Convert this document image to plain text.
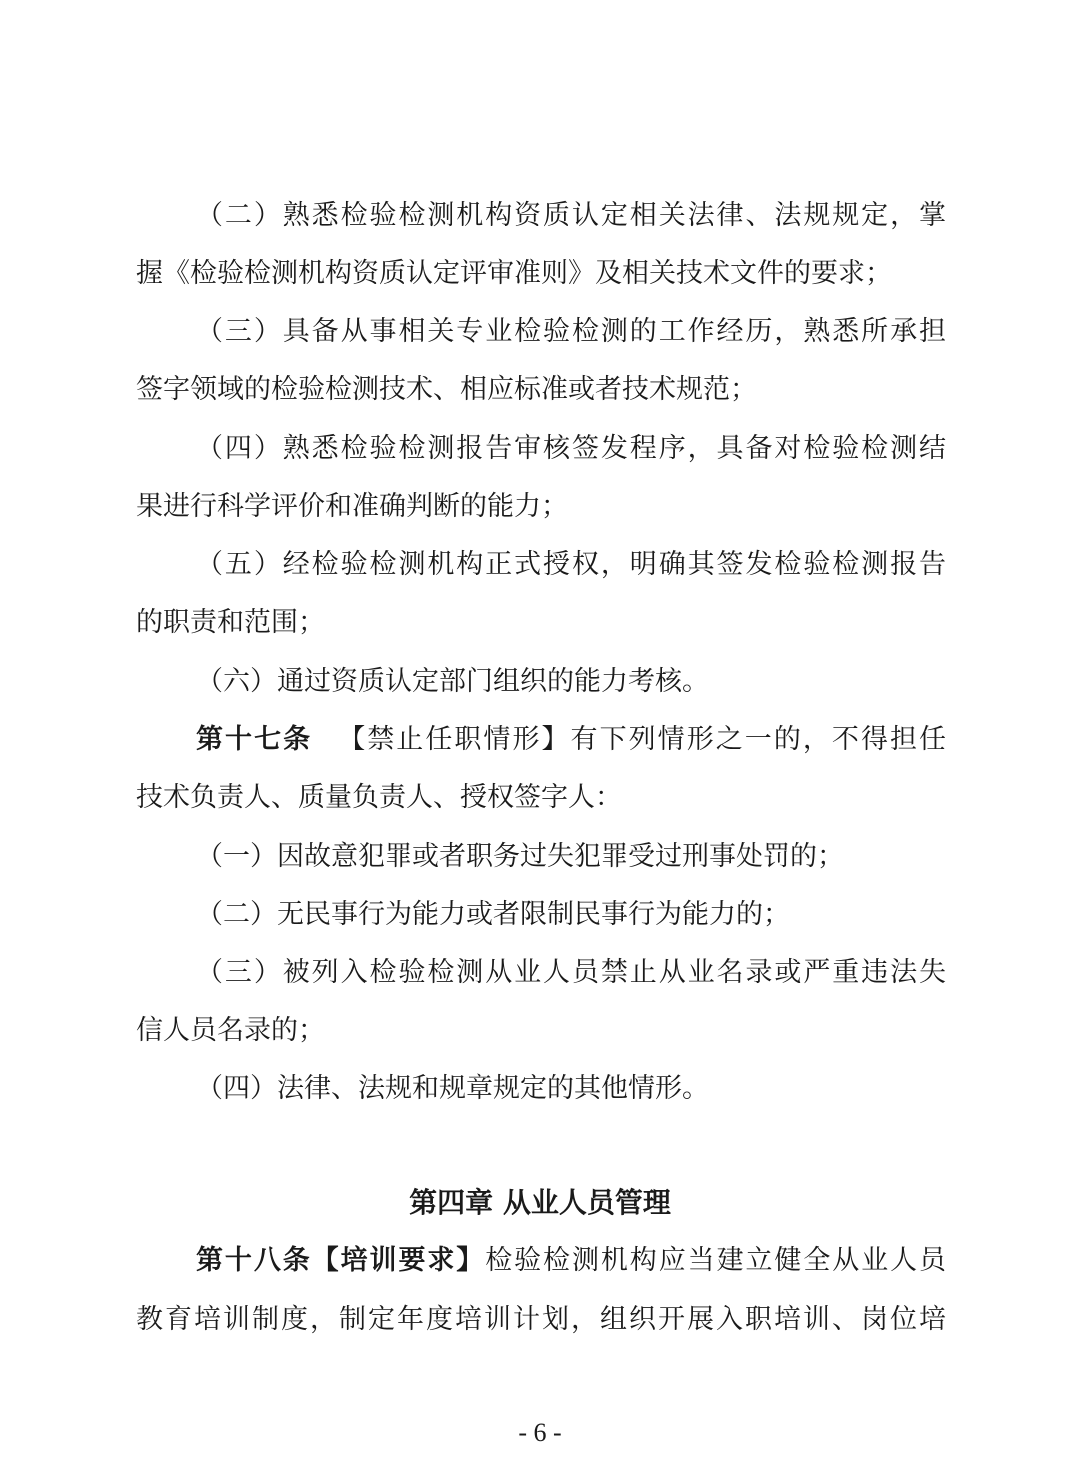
（二）熟悉检验检测机构资质认定相关法律、法规规定，掌
握《检验检测机构资质认定评审准则》及相关技术文件的要求；
（三）具备从事相关专业检验检测的工作经历，熟悉所承担
签字领域的检验检测技术、相应标准或者技术规范；
（四）熟悉检验检测报告审核签发程序，具备对检验检测结
果进行科学评价和准确判断的能力；
（五）经检验检测机构正式授权，明确其签发检验检测报告
的职责和范围；
（六）通过资质认定部门组织的能力考核。
第十七条 【禁止任职情形】有下列情形之一的，不得担任
技术负责人、质量负责人、授权签字人：
（一）因故意犯罪或者职务过失犯罪受过刑事处罚的；
（二）无民事行为能力或者限制民事行为能力的；
（三）被列入检验检测从业人员禁止从业名录或严重违法失
信人员名录的；
（四）法律、法规和规章规定的其他情形。
第四章 从业人员管理
第十八条【培训要求】检验检测机构应当建立健全从业人员
教育培训制度，制定年度培训计划，组织开展入职培训、岗位培
- 6 -
